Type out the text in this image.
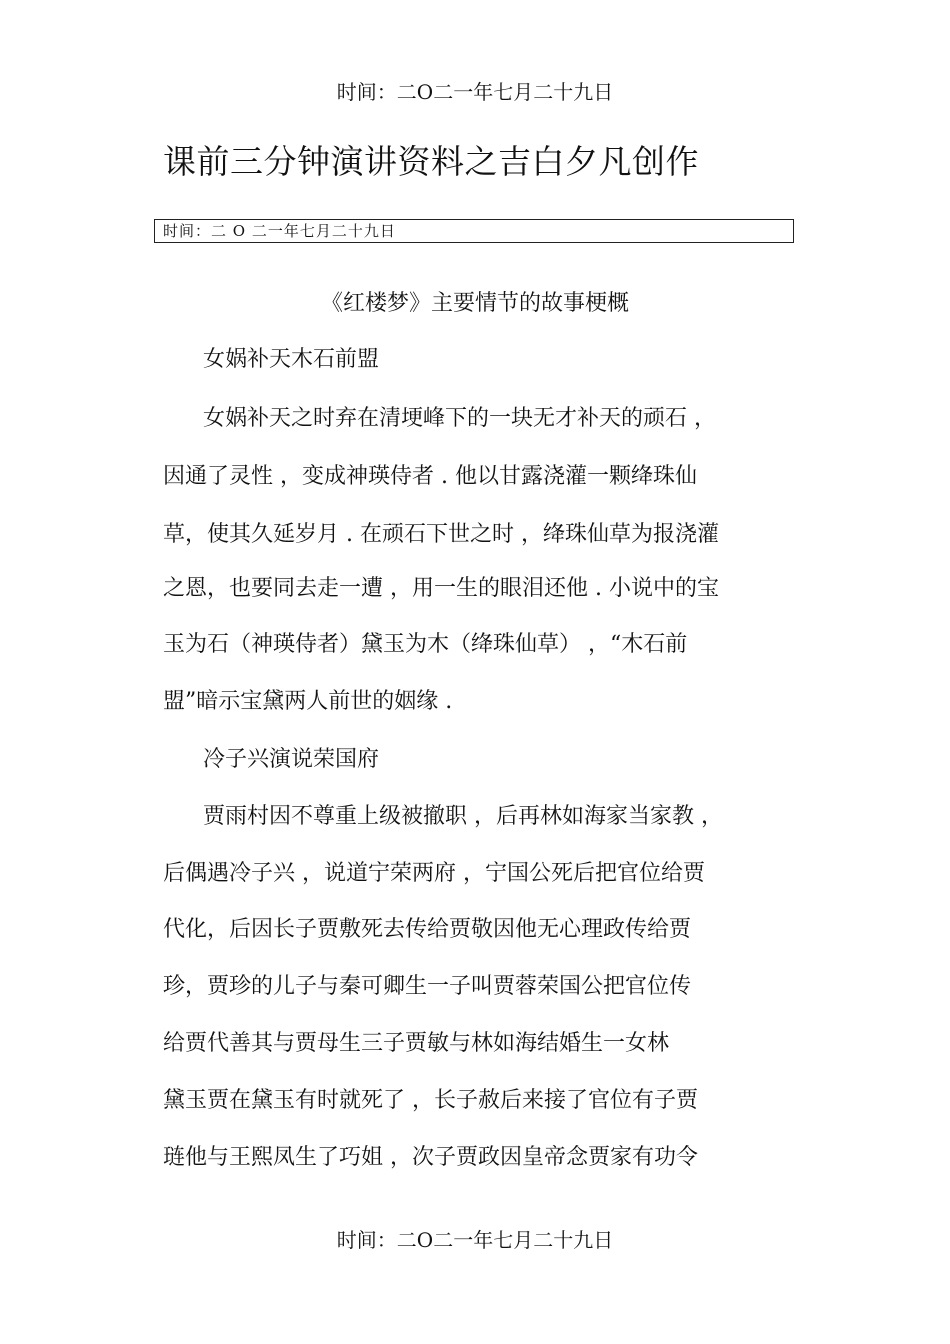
时间：二O二一年七月二十九日
课前三分钟演讲资料之吉白夕凡创作
时间：二 O 二一年七月二十九日
《红楼梦》主要情节的故事梗概
女娲补天木石前盟
女娲补天之时弃在清埂峰下的一块无才补天的顽石 ，
因通了灵性 ，变成神瑛侍者 . 他以甘露浇灌一颗绛珠仙
草，使其久延岁月 . 在顽石下世之时 ，绛珠仙草为报浇灌
之恩，也要同去走一遭 ，用一生的眼泪还他 . 小说中的宝
玉为石（神瑛侍者）黛玉为木（绛珠仙草） ，“木石前
盟”暗示宝黛两人前世的姻缘 .
冷子兴演说荣国府
贾雨村因不尊重上级被撤职 ，后再林如海家当家教 ，
后偶遇冷子兴 ，说道宁荣两府 ，宁国公死后把官位给贾
代化，后因长子贾敷死去传给贾敬因他无心理政传给贾
珍，贾珍的儿子与秦可卿生一子叫贾蓉荣国公把官位传
给贾代善其与贾母生三子贾敏与林如海结婚生一女林
黛玉贾在黛玉有时就死了 ，长子赦后来接了官位有子贾
琏他与王熙凤生了巧姐 ，次子贾政因皇帝念贾家有功令
时间：二O二一年七月二十九日
